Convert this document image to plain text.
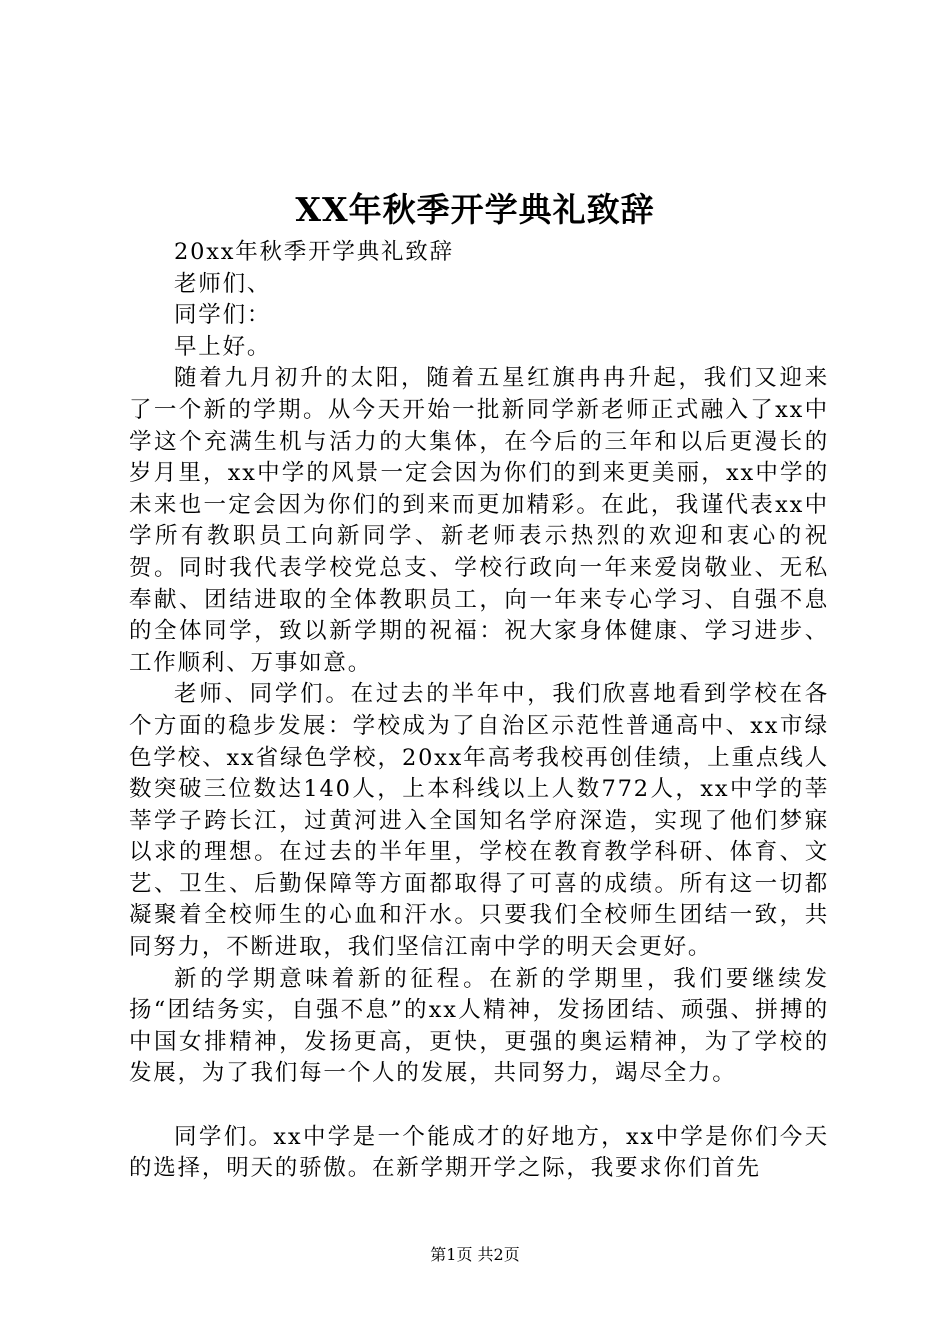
XX年秋季开学典礼致辞

20xx年秋季开学典礼致辞

老师们、

同学们：

早上好。

随着九月初升的太阳，随着五星红旗冉冉升起，我们又迎来了一个新的学期。从今天开始一批新同学新老师正式融入了xx中学这个充满生机与活力的大集体，在今后的三年和以后更漫长的岁月里，xx中学的风景一定会因为你们的到来更美丽，xx中学的未来也一定会因为你们的到来而更加精彩。在此，我谨代表xx中学所有教职员工向新同学、新老师表示热烈的欢迎和衷心的祝贺。同时我代表学校党总支、学校行政向一年来爱岗敬业、无私奉献、团结进取的全体教职员工，向一年来专心学习、自强不息的全体同学，致以新学期的祝福：祝大家身体健康、学习进步、工作顺利、万事如意。

老师、同学们。在过去的半年中，我们欣喜地看到学校在各个方面的稳步发展：学校成为了自治区示范性普通高中、xx市绿色学校、xx省绿色学校，20xx年高考我校再创佳绩，上重点线人数突破三位数达140人，上本科线以上人数772人，xx中学的莘莘学子跨长江，过黄河进入全国知名学府深造，实现了他们梦寐以求的理想。在过去的半年里，学校在教育教学科研、体育、文艺、卫生、后勤保障等方面都取得了可喜的成绩。所有这一切都凝聚着全校师生的心血和汗水。只要我们全校师生团结一致，共同努力，不断进取，我们坚信江南中学的明天会更好。

新的学期意味着新的征程。在新的学期里，我们要继续发扬“团结务实，自强不息”的xx人精神，发扬团结、顽强、拼搏的中国女排精神，发扬更高，更快，更强的奥运精神，为了学校的发展，为了我们每一个人的发展，共同努力，竭尽全力。

同学们。xx中学是一个能成才的好地方，xx中学是你们今天的选择，明天的骄傲。在新学期开学之际，我要求你们首先

第1页 共2页
